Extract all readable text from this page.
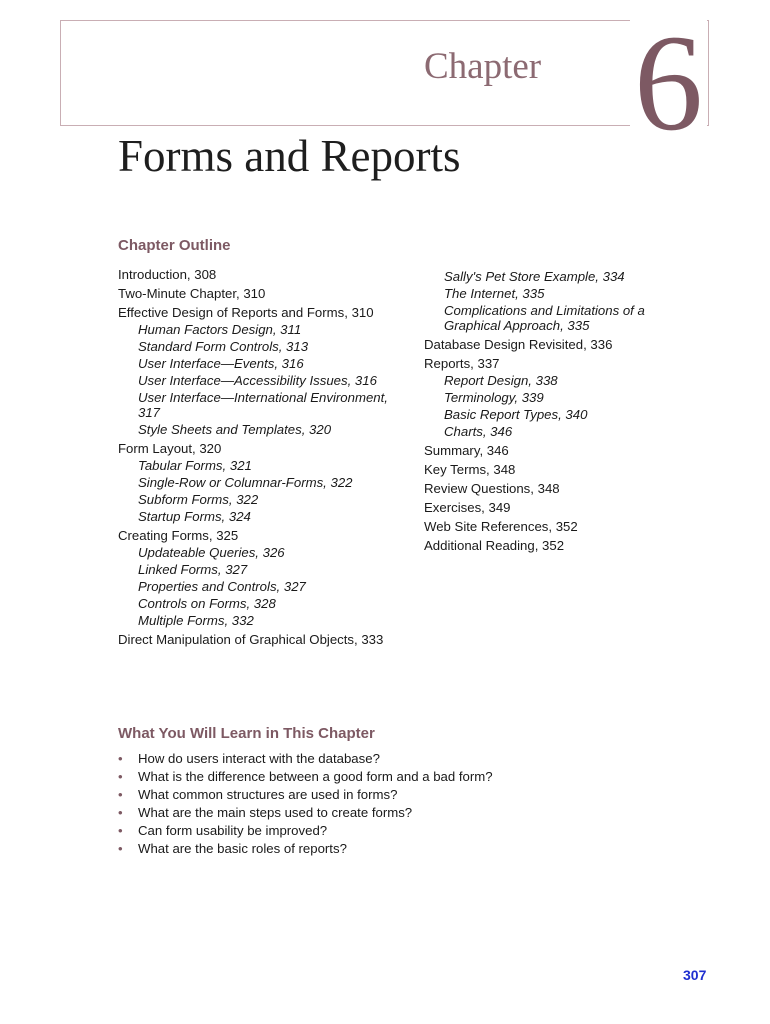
Chapter 6
Forms and Reports
Chapter Outline

Introduction, 308

Two-Minute Chapter, 310

Effective Design of Reports and Forms, 310

Human Factors Design, 311

Standard Form Controls, 313

User Interface—Events, 316

User Interface—Accessibility Issues, 316

User Interface—International Environment, 317

Style Sheets and Templates, 320

Form Layout, 320

Tabular Forms, 321

Single-Row or Columnar-Forms, 322

Subform Forms, 322

Startup Forms, 324

Creating Forms, 325

Updateable Queries, 326

Linked Forms, 327

Properties and Controls, 327

Controls on Forms, 328

Multiple Forms, 332

Direct Manipulation of Graphical Objects, 333

Sally's Pet Store Example, 334

The Internet, 335

Complications and Limitations of a Graphical Approach, 335

Database Design Revisited, 336

Reports, 337

Report Design, 338

Terminology, 339

Basic Report Types, 340

Charts, 346

Summary, 346

Key Terms, 348

Review Questions, 348

Exercises, 349

Web Site References, 352

Additional Reading, 352

What You Will Learn in This Chapter
• How do users interact with the database?
• What is the difference between a good form and a bad form?
• What common structures are used in forms?
• What are the main steps used to create forms?
• Can form usability be improved?
• What are the basic roles of reports?
307
